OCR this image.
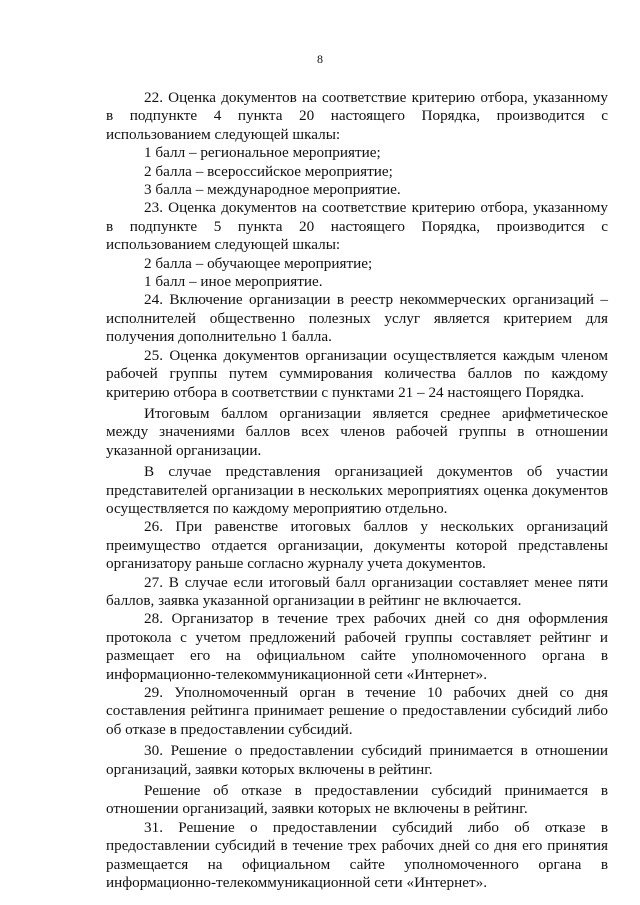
8

22. Оценка документов на соответствие критерию отбора, указанному в подпункте 4 пункта 20 настоящего Порядка, производится с использованием следующей шкалы:

1 балл – региональное мероприятие;

2 балла – всероссийское мероприятие;

3 балла – международное мероприятие.

23. Оценка документов на соответствие критерию отбора, указанному в подпункте 5 пункта 20 настоящего Порядка, производится с использованием следующей шкалы:

2 балла – обучающее мероприятие;

1 балл – иное мероприятие.

24. Включение организации в реестр некоммерческих организаций – исполнителей общественно полезных услуг является критерием для получения дополнительно 1 балла.

25. Оценка документов организации осуществляется каждым членом рабочей группы путем суммирования количества баллов по каждому критерию отбора в соответствии с пунктами 21 – 24 настоящего Порядка.

Итоговым баллом организации является среднее арифметическое между значениями баллов всех членов рабочей группы в отношении указанной организации.

В случае представления организацией документов об участии представителей организации в нескольких мероприятиях оценка документов осуществляется по каждому мероприятию отдельно.

26. При равенстве итоговых баллов у нескольких организаций преимущество отдается организации, документы которой представлены организатору раньше согласно журналу учета документов.

27. В случае если итоговый балл организации составляет менее пяти баллов, заявка указанной организации в рейтинг не включается.

28. Организатор в течение трех рабочих дней со дня оформления протокола с учетом предложений рабочей группы составляет рейтинг и размещает его на официальном сайте уполномоченного органа в информационно-телекоммуникационной сети «Интернет».

29. Уполномоченный орган в течение 10 рабочих дней со дня составления рейтинга принимает решение о предоставлении субсидий либо об отказе в предоставлении субсидий.

30. Решение о предоставлении субсидий принимается в отношении организаций, заявки которых включены в рейтинг.

Решение об отказе в предоставлении субсидий принимается в отношении организаций, заявки которых не включены в рейтинг.

31. Решение о предоставлении субсидий либо об отказе в предоставлении субсидий в течение трех рабочих дней со дня его принятия размещается на официальном сайте уполномоченного органа в информационно-телекоммуникационной сети «Интернет».
